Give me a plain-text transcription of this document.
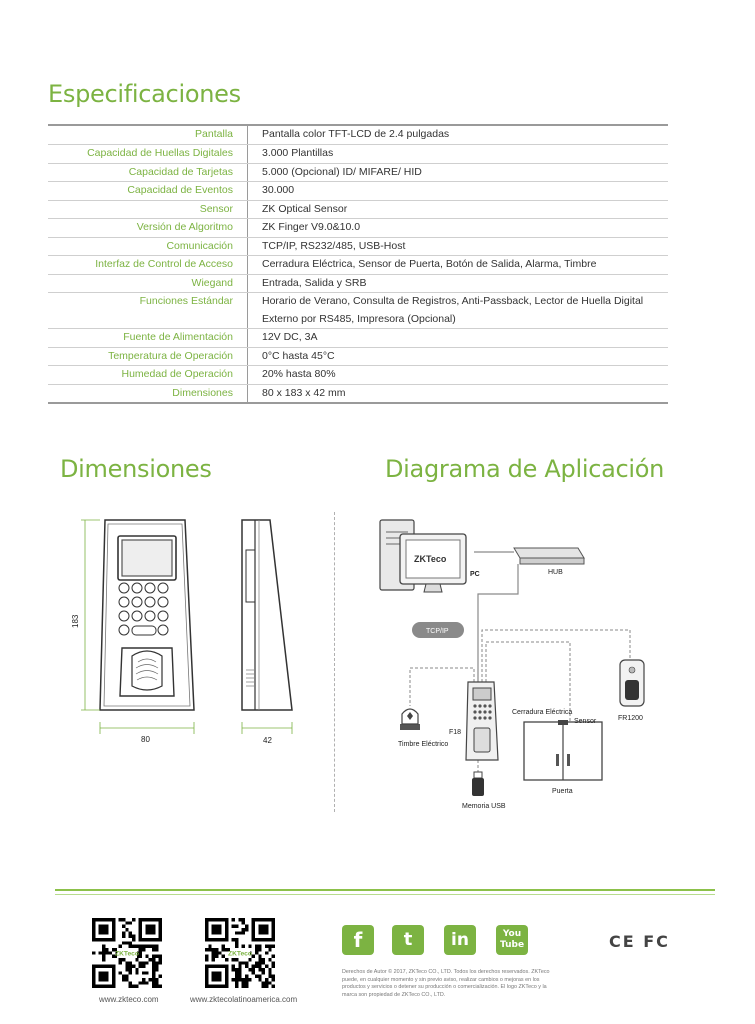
Especificaciones
Pantalla	Pantalla color TFT-LCD de 2.4 pulgadas
Capacidad de Huellas Digitales	3.000 Plantillas
Capacidad de Tarjetas	5.000 (Opcional) ID/ MIFARE/ HID
Capacidad de Eventos	30.000
Sensor	ZK Optical Sensor
Versión de Algoritmo	ZK Finger V9.0&10.0
Comunicación	TCP/IP, RS232/485, USB-Host
Interfaz de Control de Acceso	Cerradura Eléctrica, Sensor de Puerta, Botón de Salida, Alarma, Timbre
Wiegand	Entrada, Salida y SRB
Funciones Estándar	Horario de Verano, Consulta de Registros, Anti-Passback, Lector de Huella Digital Externo por RS485, Impresora (Opcional)
Fuente de Alimentación	12V DC, 3A
Temperatura de Operación	0°C hasta 45°C
Humedad de Operación	20% hasta 80%
Dimensiones	80 x 183 x 42 mm
Dimensiones
183
80	42
Diagrama de Aplicación
ZKTeco
PC	HUB
TCP/IP
F18
Timbre Eléctrico
Memoria USB
Cerradura Eléctrica
Sensor
Puerta
FR1200
ZKTeco	ZKTeco
www.zkteco.com	www.zktecolatinoamerica.com
f	t	in	You Tube
Derechos de Autor © 2017, ZKTeco CO., LTD. Todos los derechos reservados. ZKTeco puede, en cualquier momento y sin previo aviso, realizar cambios o mejoras en los productos y servicios o detener su producción o comercialización. El logo ZKTeco y la marca son propiedad de ZKTeco CO., LTD.
CE FC
